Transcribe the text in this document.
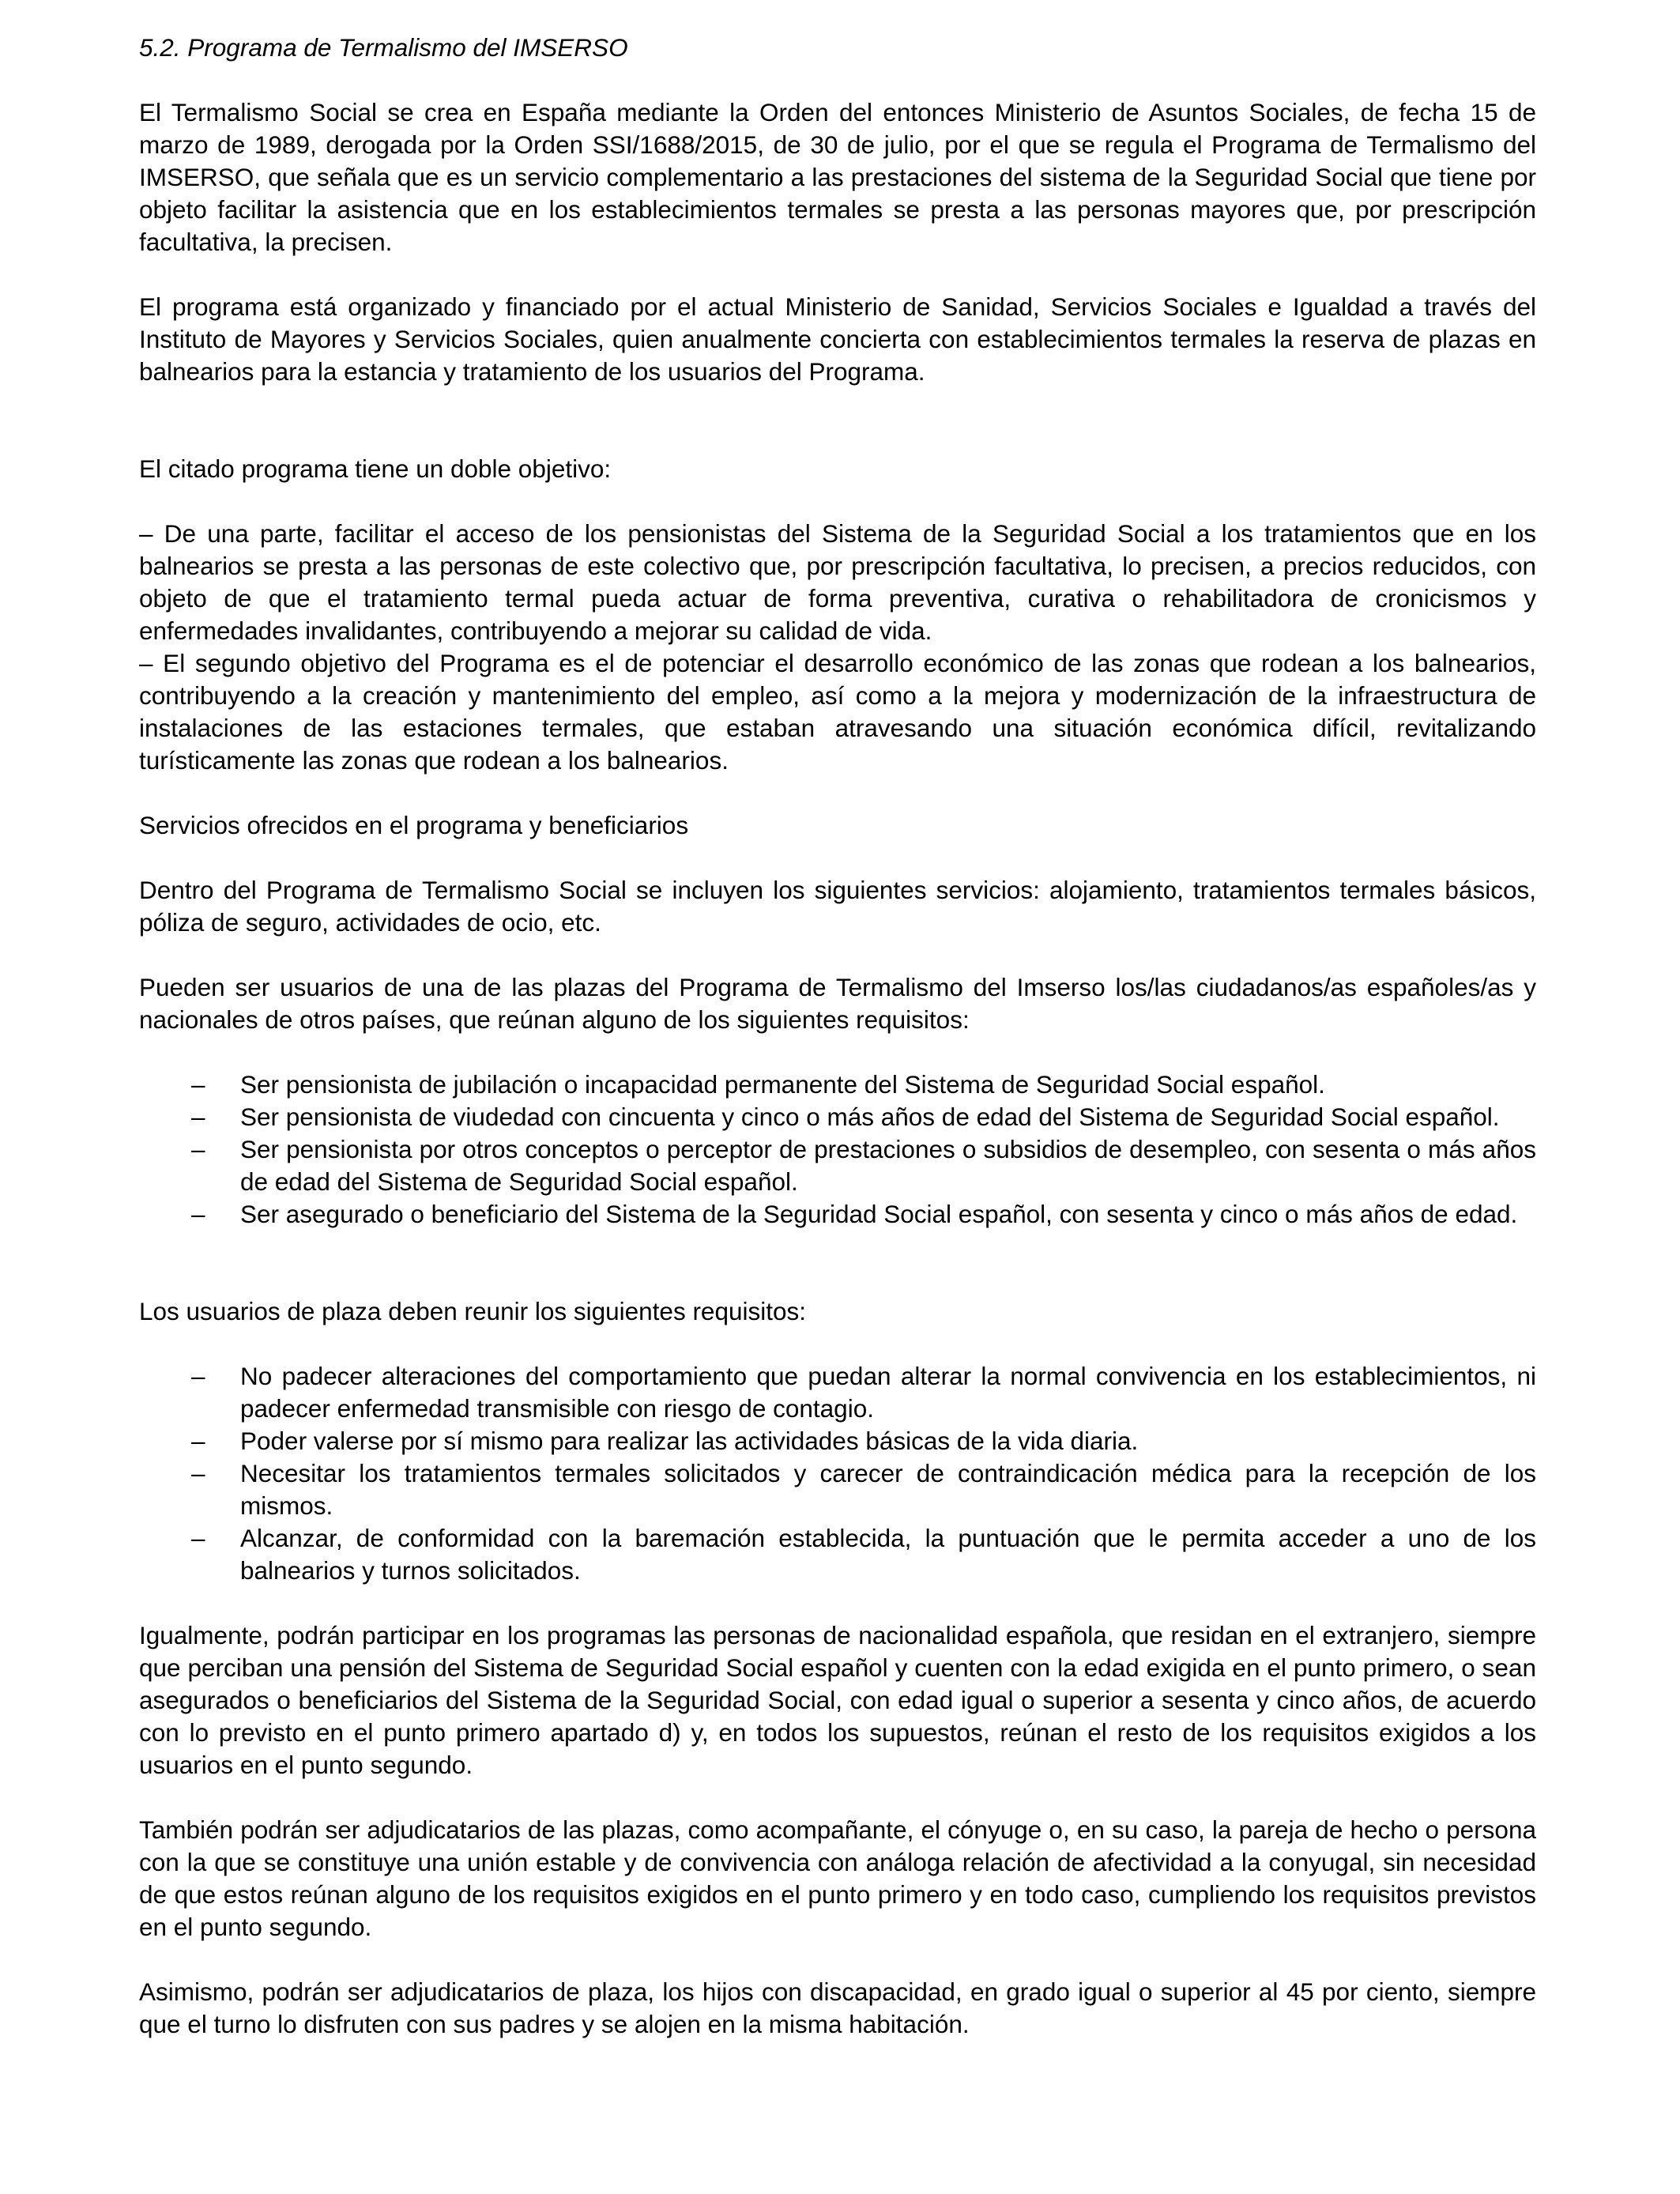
5.2. Programa de Termalismo del IMSERSO

El Termalismo Social se crea en España mediante la Orden del entonces Ministerio de Asuntos Sociales, de fecha 15 de marzo de 1989, derogada por la Orden SSI/1688/2015, de 30 de julio, por el que se regula el Programa de Termalismo del IMSERSO, que señala que es un servicio complementario a las prestaciones del sistema de la Seguridad Social que tiene por objeto facilitar la asistencia que en los establecimientos termales se presta a las personas mayores que, por prescripción facultativa, la precisen.

El programa está organizado y financiado por el actual Ministerio de Sanidad, Servicios Sociales e Igualdad a través del Instituto de Mayores y Servicios Sociales, quien anualmente concierta con establecimientos termales la reserva de plazas en balnearios para la estancia y tratamiento de los usuarios del Programa.

El citado programa tiene un doble objetivo:

– De una parte, facilitar el acceso de los pensionistas del Sistema de la Seguridad Social a los tratamientos que en los balnearios se presta a las personas de este colectivo que, por prescripción facultativa, lo precisen, a precios reducidos, con objeto de que el tratamiento termal pueda actuar de forma preventiva, curativa o rehabilitadora de cronicismos y enfermedades invalidantes, contribuyendo a mejorar su calidad de vida.

– El segundo objetivo del Programa es el de potenciar el desarrollo económico de las zonas que rodean a los balnearios, contribuyendo a la creación y mantenimiento del empleo, así como a la mejora y modernización de la infraestructura de instalaciones de las estaciones termales, que estaban atravesando una situación económica difícil, revitalizando turísticamente las zonas que rodean a los balnearios.

Servicios ofrecidos en el programa y beneficiarios

Dentro del Programa de Termalismo Social se incluyen los siguientes servicios: alojamiento, tratamientos termales básicos, póliza de seguro, actividades de ocio, etc.

Pueden ser usuarios de una de las plazas del Programa de Termalismo del Imserso los/las ciudadanos/as españoles/as y nacionales de otros países, que reúnan alguno de los siguientes requisitos:

– Ser pensionista de jubilación o incapacidad permanente del Sistema de Seguridad Social español.
– Ser pensionista de viudedad con cincuenta y cinco o más años de edad del Sistema de Seguridad Social español.
– Ser pensionista por otros conceptos o perceptor de prestaciones o subsidios de desempleo, con sesenta o más años de edad del Sistema de Seguridad Social español.
– Ser asegurado o beneficiario del Sistema de la Seguridad Social español, con sesenta y cinco o más años de edad.

Los usuarios de plaza deben reunir los siguientes requisitos:

– No padecer alteraciones del comportamiento que puedan alterar la normal convivencia en los establecimientos, ni padecer enfermedad transmisible con riesgo de contagio.
– Poder valerse por sí mismo para realizar las actividades básicas de la vida diaria.
– Necesitar los tratamientos termales solicitados y carecer de contraindicación médica para la recepción de los mismos.
– Alcanzar, de conformidad con la baremación establecida, la puntuación que le permita acceder a uno de los balnearios y turnos solicitados.

Igualmente, podrán participar en los programas las personas de nacionalidad española, que residan en el extranjero, siempre que perciban una pensión del Sistema de Seguridad Social español y cuenten con la edad exigida en el punto primero, o sean asegurados o beneficiarios del Sistema de la Seguridad Social, con edad igual o superior a sesenta y cinco años, de acuerdo con lo previsto en el punto primero apartado d) y, en todos los supuestos, reúnan el resto de los requisitos exigidos a los usuarios en el punto segundo.

También podrán ser adjudicatarios de las plazas, como acompañante, el cónyuge o, en su caso, la pareja de hecho o persona con la que se constituye una unión estable y de convivencia con análoga relación de afectividad a la conyugal, sin necesidad de que estos reúnan alguno de los requisitos exigidos en el punto primero y en todo caso, cumpliendo los requisitos previstos en el punto segundo.

Asimismo, podrán ser adjudicatarios de plaza, los hijos con discapacidad, en grado igual o superior al 45 por ciento, siempre que el turno lo disfruten con sus padres y se alojen en la misma habitación.
